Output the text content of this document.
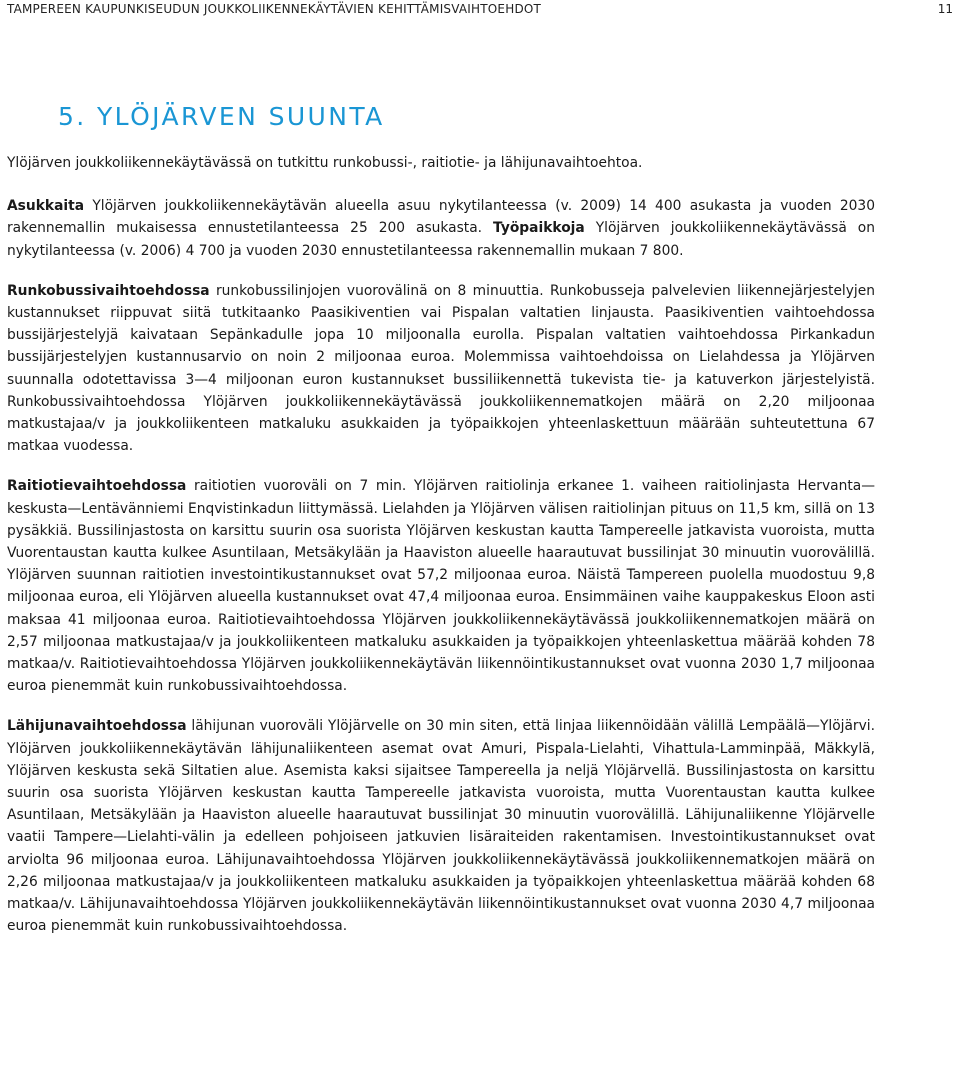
TAMPEREEN KAUPUNKISEUDUN JOUKKOLIIKENNEKÄYTÄVIEN KEHITTÄMISVAIHTOEHDOT	11
5. YLÖJÄRVEN SUUNTA

Ylöjärven joukkoliikennekäytävässä on tutkittu runkobussi-, raitiotie- ja lähijunavaihtoehtoa.

Asukkaita Ylöjärven joukkoliikennekäytävän alueella asuu nykytilanteessa (v. 2009) 14 400 asukasta ja vuoden 2030 rakennemallin mukaisessa ennustetilanteessa 25 200 asukasta. Työpaikkoja Ylöjärven joukkoliikennekäytävässä on nykytilanteessa (v. 2006) 4 700 ja vuoden 2030 ennustetilanteessa rakennemallin mukaan 7 800.

Runkobussivaihtoehdossa runkobussilinjojen vuorovälinä on 8 minuuttia. Runkobusseja palvelevien liikennejärjestelyjen kustannukset riippuvat siitä tutkitaanko Paasikiventien vai Pispalan valtatien linjausta. Paasikiventien vaihtoehdossa bussijärjestelyjä kaivataan Sepänkadulle jopa 10 miljoonalla eurolla. Pispalan valtatien vaihtoehdossa Pirkankadun bussijärjestelyjen kustannusarvio on noin 2 miljoonaa euroa. Molemmissa vaihtoehdoissa on Lielahdessa ja Ylöjärven suunnalla odotettavissa 3—4 miljoonan euron kustannukset bussiliikennettä tukevista tie- ja katuverkon järjestelyistä. Runkobussivaihtoehdossa Ylöjärven joukkoliikennekäytävässä joukkoliikennematkojen määrä on 2,20 miljoonaa matkustajaa/v ja joukkoliikenteen matkaluku asukkaiden ja työpaikkojen yhteenlaskettuun määrään suhteutettuna 67 matkaa vuodessa.

Raitiotievaihtoehdossa raitiotien vuoroväli on 7 min. Ylöjärven raitiolinja erkanee 1. vaiheen raitiolinjasta Hervanta—keskusta—Lentävänniemi Enqvistinkadun liittymässä. Lielahden ja Ylöjärven välisen raitiolinjan pituus on 11,5 km, sillä on 13 pysäkkiä. Bussilinjastosta on karsittu suurin osa suorista Ylöjärven keskustan kautta Tampereelle jatkavista vuoroista, mutta Vuorentaustan kautta kulkee Asuntilaan, Metsäkylään ja Haaviston alueelle haarautuvat bussilinjat 30 minuutin vuorovälillä. Ylöjärven suunnan raitiotien investointikustannukset ovat 57,2 miljoonaa euroa. Näistä Tampereen puolella muodostuu 9,8 miljoonaa euroa, eli Ylöjärven alueella kustannukset ovat 47,4 miljoonaa euroa. Ensimmäinen vaihe kauppakeskus Eloon asti maksaa 41 miljoonaa euroa. Raitiotievaihtoehdossa Ylöjärven joukkoliikennekäytävässä joukkoliikennematkojen määrä on 2,57 miljoonaa matkustajaa/v ja joukkoliikenteen matkaluku asukkaiden ja työpaikkojen yhteenlaskettua määrää kohden 78 matkaa/v. Raitiotievaihtoehdossa Ylöjärven joukkoliikennekäytävän liikennöintikustannukset ovat vuonna 2030 1,7 miljoonaa euroa pienemmät kuin runkobussivaihtoehdossa.

Lähijunavaihtoehdossa lähijunan vuoroväli Ylöjärvelle on 30 min siten, että linjaa liikennöidään välillä Lempäälä—Ylöjärvi. Ylöjärven joukkoliikennekäytävän lähijunaliikenteen asemat ovat Amuri, Pispala-Lielahti, Vihattula-Lamminpää, Mäkkylä, Ylöjärven keskusta sekä Siltatien alue. Asemista kaksi sijaitsee Tampereella ja neljä Ylöjärvellä. Bussilinjastosta on karsittu suurin osa suorista Ylöjärven keskustan kautta Tampereelle jatkavista vuoroista, mutta Vuorentaustan kautta kulkee Asuntilaan, Metsäkylään ja Haaviston alueelle haarautuvat bussilinjat 30 minuutin vuorovälillä. Lähijunaliikenne Ylöjärvelle vaatii Tampere—Lielahti-välin ja edelleen pohjoiseen jatkuvien lisäraiteiden rakentamisen. Investointikustannukset ovat arviolta 96 miljoonaa euroa. Lähijunavaihtoehdossa Ylöjärven joukkoliikennekäytävässä joukkoliikennematkojen määrä on 2,26 miljoonaa matkustajaa/v ja joukkoliikenteen matkaluku asukkaiden ja työpaikkojen yhteenlaskettua määrää kohden 68 matkaa/v. Lähijunavaihtoehdossa Ylöjärven joukkoliikennekäytävän liikennöintikustannukset ovat vuonna 2030 4,7 miljoonaa euroa pienemmät kuin runkobussivaihtoehdossa.
